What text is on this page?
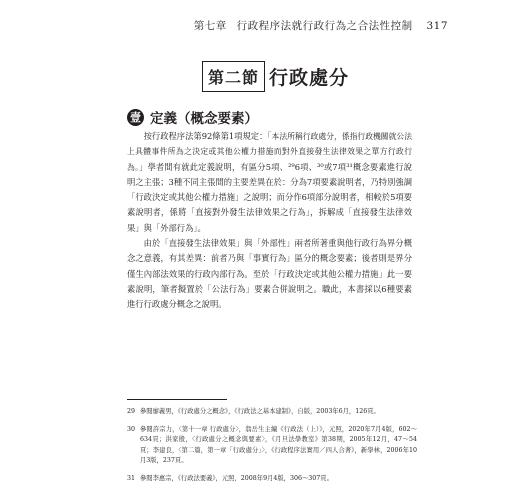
第七章 行政程序法就行政行為之合法性控制 317
第二節 行政處分
壹 定義（概念要素）

按行政程序法第92條第1項規定：「本法所稱行政處分，係指行政機關就公法上具體事件所為之決定或其他公權力措施而對外直接發生法律效果之單方行政行為。」學者間有就此定義說明，有區分5項、²⁹6項、³⁰或7項³¹概念要素進行說明之主張；3種不同主張間的主要差異在於：分為7項要素說明者，乃特別強調「行政決定或其他公權力措施」之說明；而分作6項部分說明者，相較於5項要素說明者，係將「直接對外發生法律效果之行為」，拆解成「直接發生法律效果」與「外部行為」。

由於「直接發生法律效果」與「外部性」兩者所著重與他行政行為界分概念之意義，有其差異：前者乃與「事實行為」區分的概念要素；後者則是界分僅生內部法效果的行政內部行為。至於「行政決定或其他公權力措施」此一要素說明，筆者擬置於「公法行為」要素合併說明之。職此，本書採以6種要素進行行政處分概念之說明。

29 參閱廖義男，《行政處分之概念》，《行政法之基本建制》，自版，2003年6月，126頁。
30 參閱許宗力，〈第十一章 行政處分〉，翁岳生主編《行政法（上）》，元照，2020年7月4版，602～634頁；洪家殷，〈行政處分之概念與要素〉，《月旦法學教室》第38期，2005年12月，47～54頁；李建良，〈第二篇，第一章「行政處分」〉，《行政程序法實用／四人合著》，新學林，2006年10月3版，237頁。
31 參閱李惠宗，《行政法要義》，元照，2008年9月4版，306～307頁。
